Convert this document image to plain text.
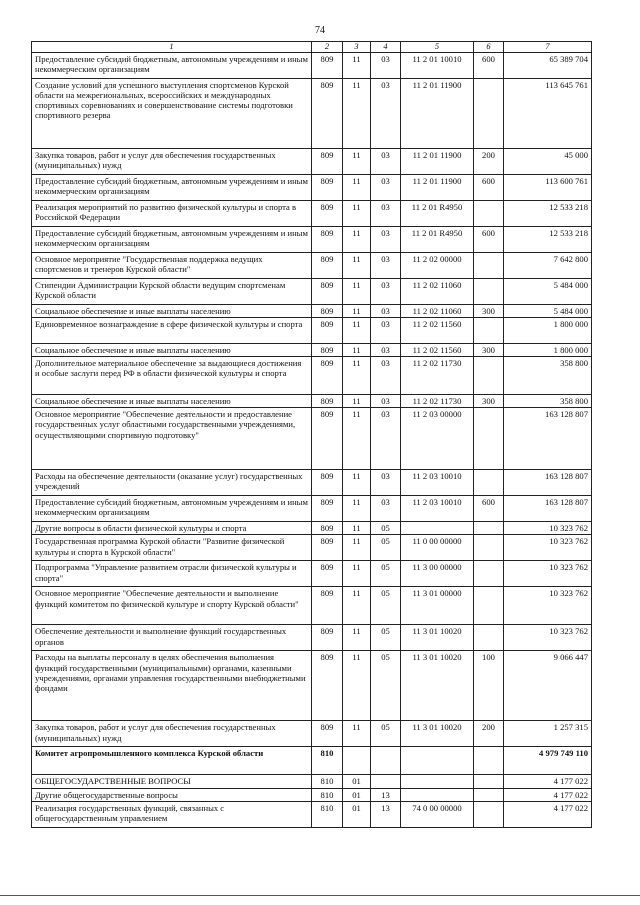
74
1	2	3	4	5	6	7
Предоставление субсидий бюджетным, автономным учреждениям и иным некоммерческим организациям	809	11	03	11 2 01 10010	600	65 389 704
Создание условий для успешного выступления спортсменов Курской области на межрегиональных, всероссийских и международных спортивных соревнованиях и совершенствование системы подготовки спортивного резерва	809	11	03	11 2 01 11900		113 645 761
Закупка товаров, работ и услуг для обеспечения государственных (муниципальных) нужд	809	11	03	11 2 01 11900	200	45 000
Предоставление субсидий бюджетным, автономным учреждениям и иным некоммерческим организациям	809	11	03	11 2 01 11900	600	113 600 761
Реализация мероприятий по развитию физической культуры и спорта в Российской Федерации	809	11	03	11 2 01 R4950		12 533 218
Предоставление субсидий бюджетным, автономным учреждениям и иным некоммерческим организациям	809	11	03	11 2 01 R4950	600	12 533 218
Основное мероприятие "Государственная поддержка ведущих спортсменов и тренеров Курской области"	809	11	03	11 2 02 00000		7 642 800
Стипендии Администрации Курской области ведущим спортсменам Курской области	809	11	03	11 2 02 11060		5 484 000
Социальное обеспечение и иные выплаты населению	809	11	03	11 2 02 11060	300	5 484 000
Единовременное вознаграждение в сфере физической культуры и спорта	809	11	03	11 2 02 11560		1 800 000
Социальное обеспечение и иные выплаты населению	809	11	03	11 2 02 11560	300	1 800 000
Дополнительное материальное обеспечение за выдающиеся достижения и особые заслуги перед РФ в области физической культуры и спорта	809	11	03	11 2 02 11730		358 800
Социальное обеспечение и иные выплаты населению	809	11	03	11 2 02 11730	300	358 800
Основное мероприятие "Обеспечение деятельности и предоставление государственных услуг областными государственными учреждениями, осуществляющими спортивную подготовку"	809	11	03	11 2 03 00000		163 128 807
Расходы на обеспечение деятельности (оказание услуг) государственных учреждений	809	11	03	11 2 03 10010		163 128 807
Предоставление субсидий бюджетным, автономным учреждениям и иным некоммерческим организациям	809	11	03	11 2 03 10010	600	163 128 807
Другие вопросы в области физической культуры и спорта	809	11	05			10 323 762
Государственная программа Курской области "Развитие физической культуры и спорта в Курской области"	809	11	05	11 0 00 00000		10 323 762
Подпрограмма "Управление развитием отрасли физической культуры и спорта"	809	11	05	11 3 00 00000		10 323 762
Основное мероприятие "Обеспечение деятельности и выполнение функций комитетом по физической культуре и спорту Курской области"	809	11	05	11 3 01 00000		10 323 762
Обеспечение деятельности и выполнение функций государственных органов	809	11	05	11 3 01 10020		10 323 762
Расходы на выплаты персоналу в целях обеспечения выполнения функций государственными (муниципальными) органами, казенными учреждениями, органами управления государственными внебюджетными фондами	809	11	05	11 3 01 10020	100	9 066 447
Закупка товаров, работ и услуг для обеспечения государственных (муниципальных) нужд	809	11	05	11 3 01 10020	200	1 257 315
Комитет агропромышленного комплекса Курской области	810					4 979 749 110
ОБЩЕГОСУДАРСТВЕННЫЕ ВОПРОСЫ	810	01				4 177 022
Другие общегосударственные вопросы	810	01	13			4 177 022
Реализация государственных функций, связанных с общегосударственным управлением	810	01	13	74 0 00 00000		4 177 022
